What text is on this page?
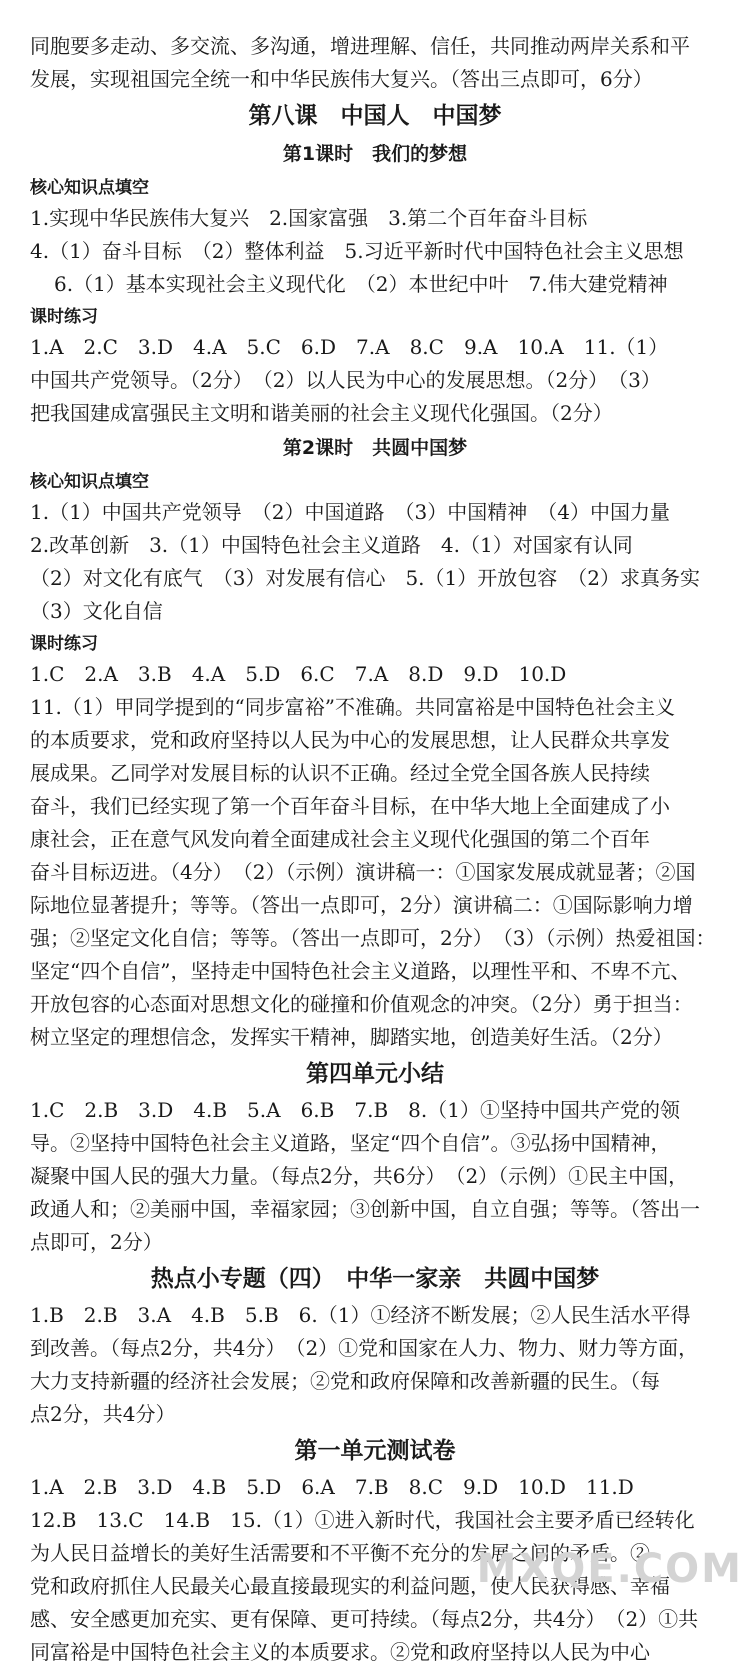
同胞要多走动、多交流、多沟通，增进理解、信任，共同推动两岸关系和平

发展，实现祖国完全统一和中华民族伟大复兴。（答出三点即可，6分）

第八课　中国人　中国梦
第1课时　我们的梦想
核心知识点填空

1.实现中华民族伟大复兴　2.国家富强　3.第二个百年奋斗目标

4.（1）奋斗目标　（2）整体利益　5.习近平新时代中国特色社会主义思想

6.（1）基本实现社会主义现代化　（2）本世纪中叶　7.伟大建党精神

课时练习

1.A　2.C　3.D　4.A　5.C　6.D　7.A　8.C　9.A　10.A　11.（1）

中国共产党领导。（2分）　（2）以人民为中心的发展思想。（2分）　（3）

把我国建成富强民主文明和谐美丽的社会主义现代化强国。（2分）

第2课时　共圆中国梦
核心知识点填空

1.（1）中国共产党领导　（2）中国道路　（3）中国精神　（4）中国力量

2.改革创新　3.（1）中国特色社会主义道路　4.（1）对国家有认同

（2）对文化有底气　（3）对发展有信心　5.（1）开放包容　（2）求真务实

（3）文化自信

课时练习

1.C　2.A　3.B　4.A　5.D　6.C　7.A　8.D　9.D　10.D

11.（1）甲同学提到的“同步富裕”不准确。共同富裕是中国特色社会主义

的本质要求，党和政府坚持以人民为中心的发展思想，让人民群众共享发

展成果。乙同学对发展目标的认识不正确。经过全党全国各族人民持续

奋斗，我们已经实现了第一个百年奋斗目标，在中华大地上全面建成了小

康社会，正在意气风发向着全面建成社会主义现代化强国的第二个百年

奋斗目标迈进。（4分）　（2）（示例）演讲稿一：①国家发展成就显著；②国

际地位显著提升；等等。（答出一点即可，2分）演讲稿二：①国际影响力增

强；②坚定文化自信；等等。（答出一点即可，2分）　（3）（示例）热爱祖国：

坚定“四个自信”，坚持走中国特色社会主义道路，以理性平和、不卑不亢、

开放包容的心态面对思想文化的碰撞和价值观念的冲突。（2分）勇于担当：

树立坚定的理想信念，发挥实干精神，脚踏实地，创造美好生活。（2分）

第四单元小结

1.C　2.B　3.D　4.B　5.A　6.B　7.B　8.（1）①坚持中国共产党的领

导。②坚持中国特色社会主义道路，坚定“四个自信”。③弘扬中国精神，

凝聚中国人民的强大力量。（每点2分，共6分）　（2）（示例）①民主中国，

政通人和；②美丽中国，幸福家园；③创新中国，自立自强；等等。（答出一

点即可，2分）

热点小专题（四）　中华一家亲　共圆中国梦

1.B　2.B　3.A　4.B　5.B　6.（1）①经济不断发展；②人民生活水平得

到改善。（每点2分，共4分）　（2）①党和国家在人力、物力、财力等方面，

大力支持新疆的经济社会发展；②党和政府保障和改善新疆的民生。（每

点2分，共4分）

第一单元测试卷

1.A　2.B　3.D　4.B　5.D　6.A　7.B　8.C　9.D　10.D　11.D

12.B　13.C　14.B　15.（1）①进入新时代，我国社会主要矛盾已经转化

为人民日益增长的美好生活需要和不平衡不充分的发展之间的矛盾。②

党和政府抓住人民最关心最直接最现实的利益问题，使人民获得感、幸福

感、安全感更加充实、更有保障、更可持续。（每点2分，共4分）　（2）①共

同富裕是中国特色社会主义的本质要求。②党和政府坚持以人民为中心

MXQE.COM
